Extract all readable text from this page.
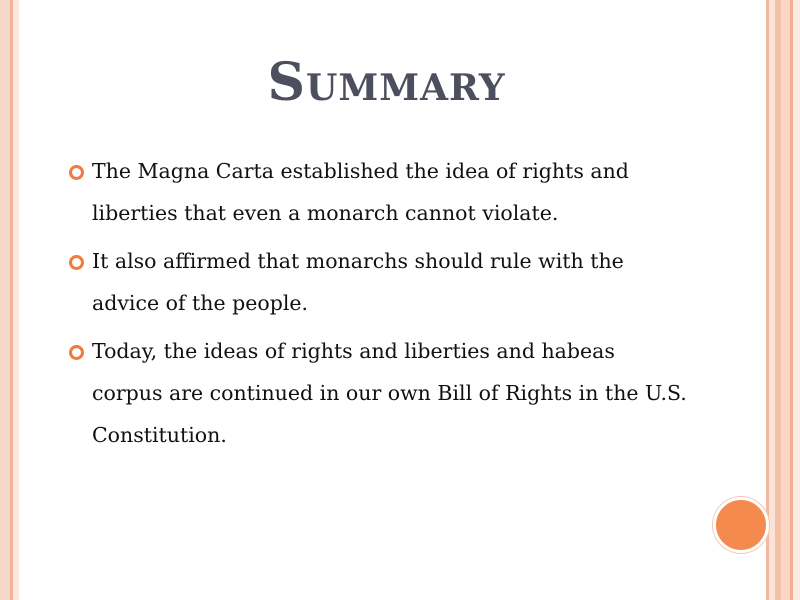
Summary
The Magna Carta established the idea of rights and liberties that even a monarch cannot violate.
It also affirmed that monarchs should rule with the advice of the people.
Today, the ideas of rights and liberties and habeas corpus are continued in our own Bill of Rights in the U.S. Constitution.
